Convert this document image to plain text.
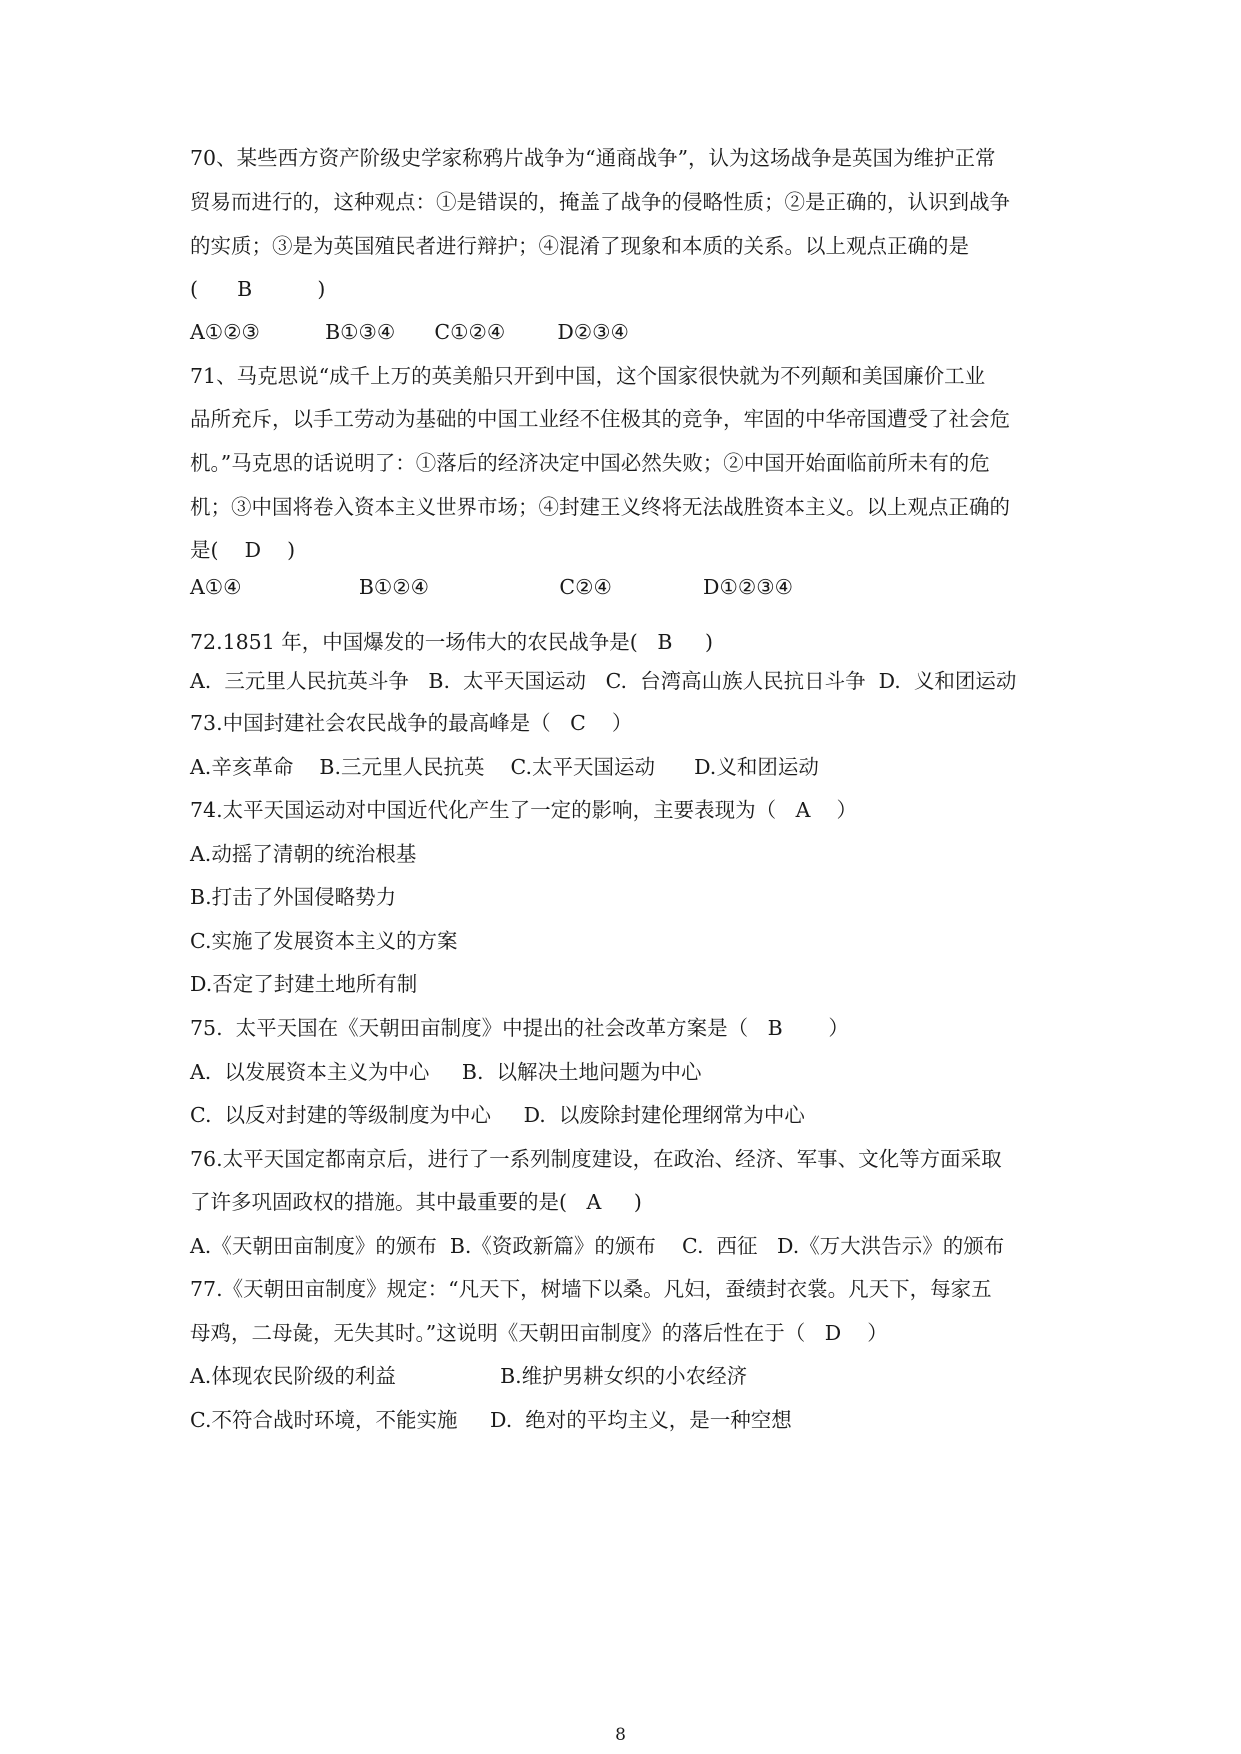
70、某些西方资产阶级史学家称鸦片战争为“通商战争”，认为这场战争是英国为维护正常
贸易而进行的，这种观点：①是错误的，掩盖了战争的侵略性质；②是正确的，认识到战争
的实质；③是为英国殖民者进行辩护；④混淆了现象和本质的关系。以上观点正确的是
(      B          )
A①②③          B①③④      C①②④        D②③④
71、马克思说“成千上万的英美船只开到中国，这个国家很快就为不列颠和美国廉价工业
品所充斥，以手工劳动为基础的中国工业经不住极其的竞争，牢固的中华帝国遭受了社会危
机。”马克思的话说明了：①落后的经济决定中国必然失败；②中国开始面临前所未有的危
机；③中国将卷入资本主义世界市场；④封建王义终将无法战胜资本主义。以上观点正确的
是(    D    )
A①④                  B①②④                    C②④              D①②③④
72.1851 年，中国爆发的一场伟大的农民战争是(   B     )
A.  三元里人民抗英斗争   B.  太平天国运动   C.  台湾高山族人民抗日斗争  D.  义和团运动
73.中国封建社会农民战争的最高峰是（   C    ）
A.辛亥革命    B.三元里人民抗英    C.太平天国运动      D.义和团运动
74.太平天国运动对中国近代化产生了一定的影响，主要表现为（   A    ）
A.动摇了清朝的统治根基
B.打击了外国侵略势力
C.实施了发展资本主义的方案
D.否定了封建土地所有制
75.  太平天国在《天朝田亩制度》中提出的社会改革方案是（   B       ）
A.  以发展资本主义为中心     B.  以解决土地问题为中心
C.  以反对封建的等级制度为中心     D.  以废除封建伦理纲常为中心
76.太平天国定都南京后，进行了一系列制度建设，在政治、经济、军事、文化等方面采取
了许多巩固政权的措施。其中最重要的是(   A     )
A.《天朝田亩制度》的颁布  B.《资政新篇》的颁布    C.  西征   D.《万大洪告示》的颁布
77.《天朝田亩制度》规定：“凡天下，树墙下以桑。凡妇，蚕绩封衣裳。凡天下，每家五
母鸡，二母彘，无失其时。”这说明《天朝田亩制度》的落后性在于（   D    ）
A.体现农民阶级的利益                B.维护男耕女织的小农经济
C.不符合战时环境，不能实施     D.  绝对的平均主义，是一种空想
8
